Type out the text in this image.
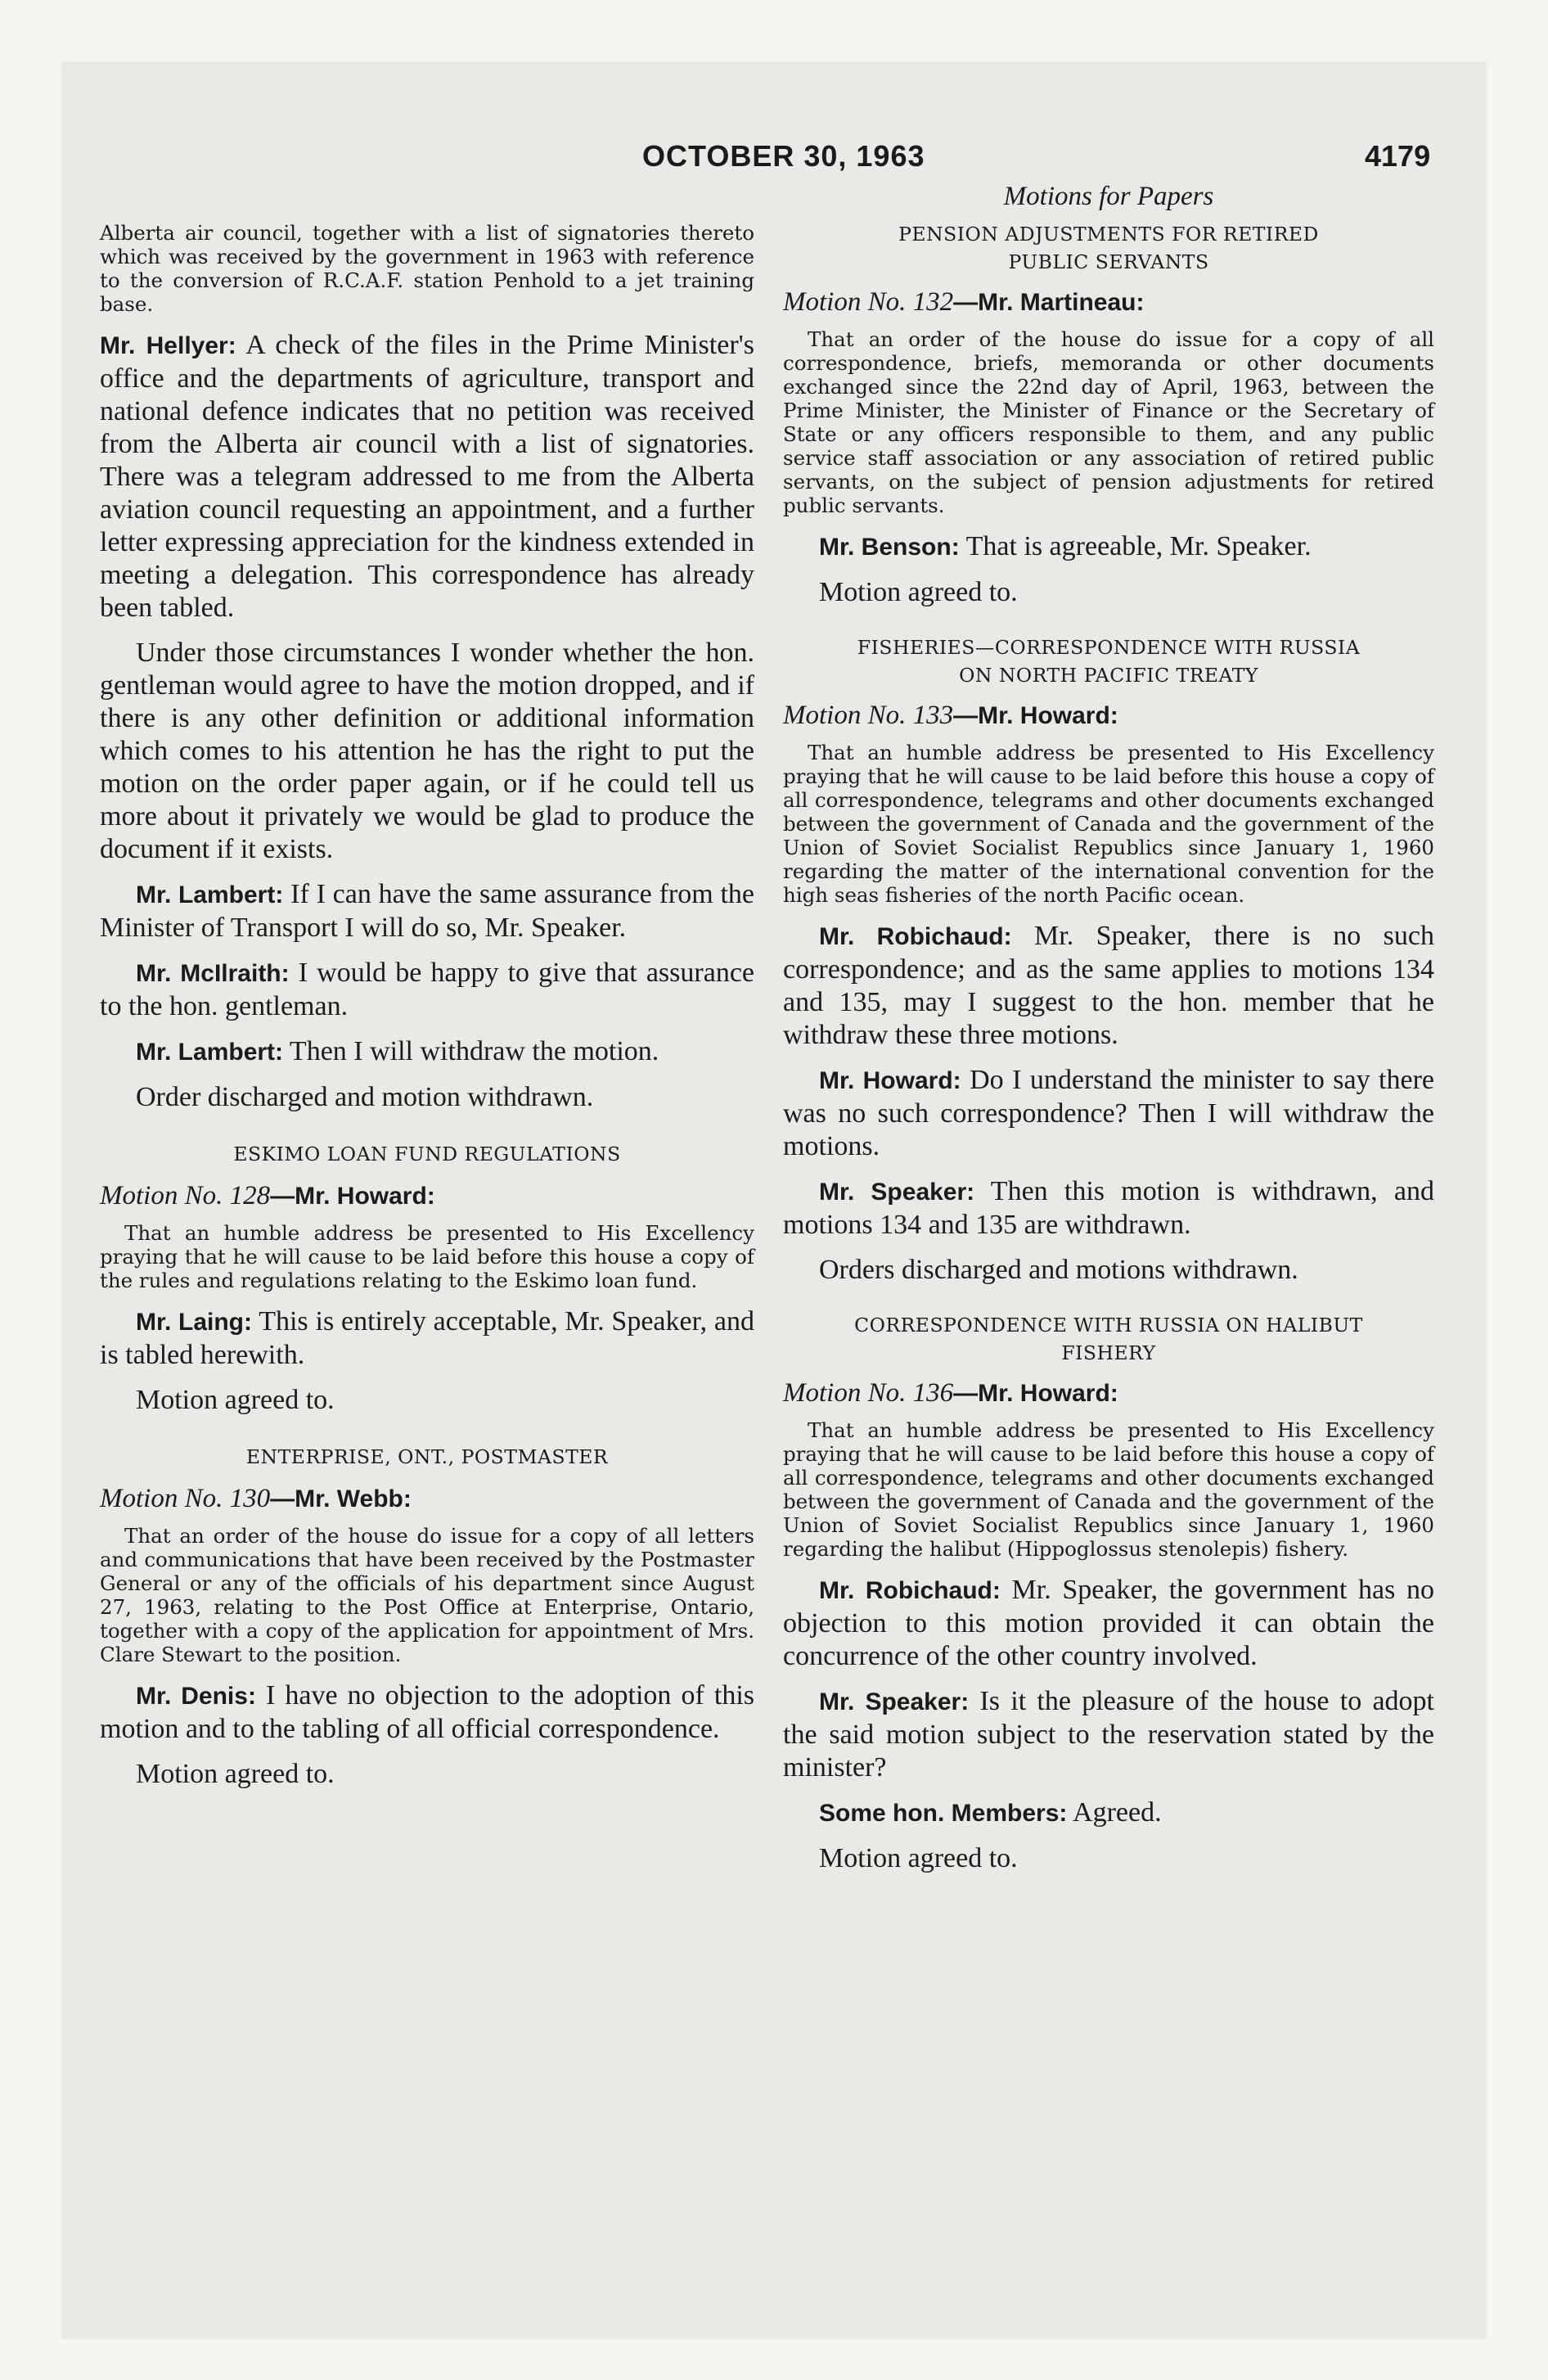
OCTOBER 30, 1963	4179

Alberta air council, together with a list of signatories thereto which was received by the government in 1963 with reference to the conversion of R.C.A.F. station Penhold to a jet training base.

Mr. Hellyer: A check of the files in the Prime Minister's office and the departments of agriculture, transport and national defence indicates that no petition was received from the Alberta air council with a list of signatories. There was a telegram addressed to me from the Alberta aviation council requesting an appointment, and a further letter expressing appreciation for the kindness extended in meeting a delegation. This correspondence has already been tabled.

Under those circumstances I wonder whether the hon. gentleman would agree to have the motion dropped, and if there is any other definition or additional information which comes to his attention he has the right to put the motion on the order paper again, or if he could tell us more about it privately we would be glad to produce the document if it exists.

Mr. Lambert: If I can have the same assurance from the Minister of Transport I will do so, Mr. Speaker.

Mr. McIlraith: I would be happy to give that assurance to the hon. gentleman.

Mr. Lambert: Then I will withdraw the motion.

Order discharged and motion withdrawn.

ESKIMO LOAN FUND REGULATIONS

Motion No. 128—Mr. Howard:

That an humble address be presented to His Excellency praying that he will cause to be laid before this house a copy of the rules and regulations relating to the Eskimo loan fund.

Mr. Laing: This is entirely acceptable, Mr. Speaker, and is tabled herewith.

Motion agreed to.

ENTERPRISE, ONT., POSTMASTER

Motion No. 130—Mr. Webb:

That an order of the house do issue for a copy of all letters and communications that have been received by the Postmaster General or any of the officials of his department since August 27, 1963, relating to the Post Office at Enterprise, Ontario, together with a copy of the application for appointment of Mrs. Clare Stewart to the position.

Mr. Denis: I have no objection to the adoption of this motion and to the tabling of all official correspondence.

Motion agreed to.

Motions for Papers
PENSION ADJUSTMENTS FOR RETIRED
PUBLIC SERVANTS

Motion No. 132—Mr. Martineau:

That an order of the house do issue for a copy of all correspondence, briefs, memoranda or other documents exchanged since the 22nd day of April, 1963, between the Prime Minister, the Minister of Finance or the Secretary of State or any officers responsible to them, and any public service staff association or any association of retired public servants, on the subject of pension adjustments for retired public servants.

Mr. Benson: That is agreeable, Mr. Speaker.

Motion agreed to.

FISHERIES—CORRESPONDENCE WITH RUSSIA
ON NORTH PACIFIC TREATY

Motion No. 133—Mr. Howard:

That an humble address be presented to His Excellency praying that he will cause to be laid before this house a copy of all correspondence, telegrams and other documents exchanged between the government of Canada and the government of the Union of Soviet Socialist Republics since January 1, 1960 regarding the matter of the international convention for the high seas fisheries of the north Pacific ocean.

Mr. Robichaud: Mr. Speaker, there is no such correspondence; and as the same applies to motions 134 and 135, may I suggest to the hon. member that he withdraw these three motions.

Mr. Howard: Do I understand the minister to say there was no such correspondence? Then I will withdraw the motions.

Mr. Speaker: Then this motion is withdrawn, and motions 134 and 135 are withdrawn.

Orders discharged and motions withdrawn.

CORRESPONDENCE WITH RUSSIA ON HALIBUT
FISHERY

Motion No. 136—Mr. Howard:

That an humble address be presented to His Excellency praying that he will cause to be laid before this house a copy of all correspondence, telegrams and other documents exchanged between the government of Canada and the government of the Union of Soviet Socialist Republics since January 1, 1960 regarding the halibut (Hippoglossus stenolepis) fishery.

Mr. Robichaud: Mr. Speaker, the government has no objection to this motion provided it can obtain the concurrence of the other country involved.

Mr. Speaker: Is it the pleasure of the house to adopt the said motion subject to the reservation stated by the minister?

Some hon. Members: Agreed.

Motion agreed to.
